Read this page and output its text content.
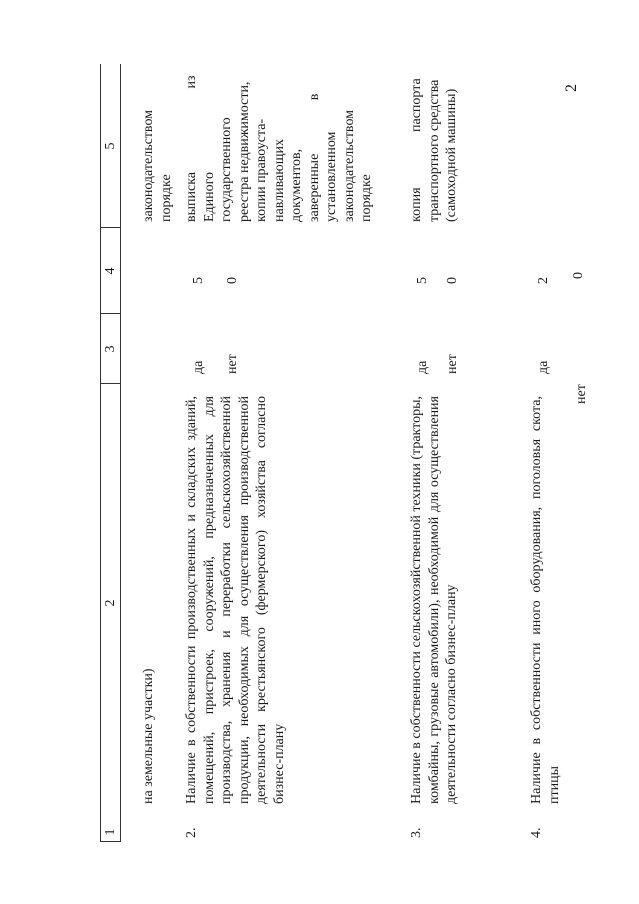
2
1
2
3
4
5
на земельные участки)
законодательством порядке
2.
Наличие в собственности производственных и складских зданий, помещений, пристроек, сооружений, предназначенных для производства, хранения и переработки сельскохозяйственной продукции, необходимых для осуществления производственной деятельности крестьянского (фермерского) хозяйства согласно бизнес-плану
да нет
5 0
выписка из Единого государственного реестра недвижимости, копии правоуста-навливающих документов, заверенные в установленном законодательством порядке
3.
Наличие в собственности сельскохозяйственной техники (тракторы, комбайны, грузовые автомобили), необходимой для осуществления деятельности согласно бизнес-плану
да нет
5 0
копия паспорта транспортного средства (самоходной машины)
4.
Наличие в собственности иного оборудования, поголовья скота, птицы
да
нет
2
0
